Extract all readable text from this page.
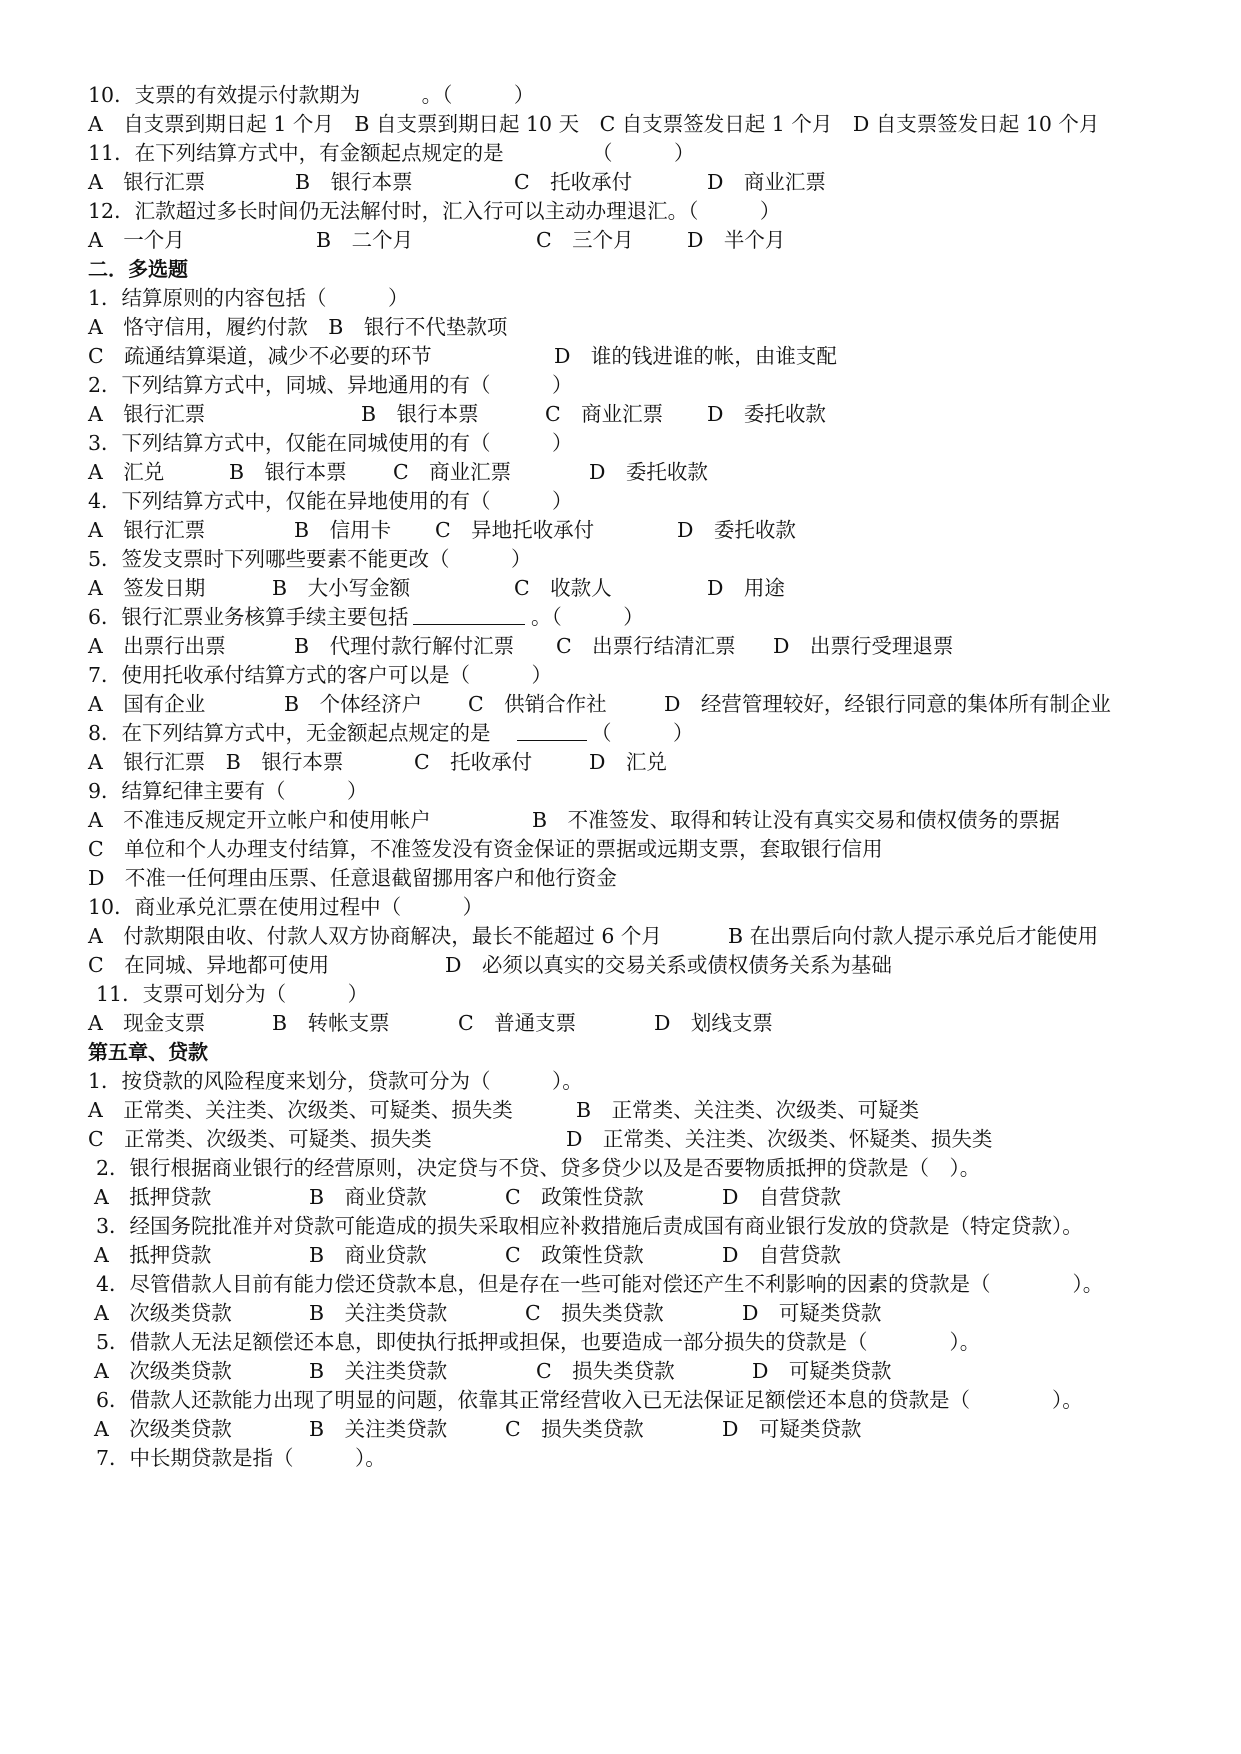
10．支票的有效提示付款期为　　　。（　　　）
A　自支票到期日起 1 个月　B 自支票到期日起 10 天　C 自支票签发日起 1 个月　D 自支票签发日起 10 个月
11．在下列结算方式中，有金额起点规定的是	（　　　）
A　银行汇票	B　银行本票	C　托收承付	D　商业汇票
12．汇款超过多长时间仍无法解付时，汇入行可以主动办理退汇。（　　　）
A　一个月	B　二个月	C　三个月	D　半个月
二．多选题
1．结算原则的内容包括（　　　）
A　恪守信用，履约付款　B　银行不代垫款项
C　疏通结算渠道，减少不必要的环节	D　谁的钱进谁的帐，由谁支配
2．下列结算方式中，同城、异地通用的有（　　　）
A　银行汇票	B　银行本票	C　商业汇票 D　委托收款
3．下列结算方式中，仅能在同城使用的有（　　　）
A　汇兑	B　银行本票 C　商业汇票	D　委托收款
4．下列结算方式中，仅能在异地使用的有（　　　）
A　银行汇票	B　信用卡 C　异地托收承付	D　委托收款
5．签发支票时下列哪些要素不能更改（　　　）
A　签发日期	B　大小写金额	C　收款人	D　用途
6．银行汇票业务核算手续主要包括	。（　　　）
A　出票行出票	B　代理付款行解付汇票 C　出票行结清汇票 D　出票行受理退票
7．使用托收承付结算方式的客户可以是（　　　）
A　国有企业	B　个体经济户 C　供销合作社	D　经营管理较好，经银行同意的集体所有制企业
8．在下列结算方式中，无金额起点规定的是	（　　　）
A　银行汇票　B　银行本票	C　托收承付	D　汇兑
9．结算纪律主要有（　　　）
A　不准违反规定开立帐户和使用帐户	B　不准签发、取得和转让没有真实交易和债权债务的票据
C　单位和个人办理支付结算，不准签发没有资金保证的票据或远期支票，套取银行信用
D　不准一任何理由压票、任意退截留挪用客户和他行资金
10．商业承兑汇票在使用过程中（　　　）
A　付款期限由收、付款人双方协商解决，最长不能超过 6 个月	B 在出票后向付款人提示承兑后才能使用
C　在同城、异地都可使用	D　必须以真实的交易关系或债权债务关系为基础
11．支票可划分为（　　　）
A　现金支票	B　转帐支票	C　普通支票	D　划线支票
第五章、贷款
1．按贷款的风险程度来划分，贷款可分为（　　　）。
A　正常类、关注类、次级类、可疑类、损失类	B　正常类、关注类、次级类、可疑类
C　正常类、次级类、可疑类、损失类	D　正常类、关注类、次级类、怀疑类、损失类
2．银行根据商业银行的经营原则，决定贷与不贷、贷多贷少以及是否要物质抵押的贷款是（　）。
A　抵押贷款	B　商业贷款	C　政策性贷款	D　自营贷款
3．经国务院批准并对贷款可能造成的损失采取相应补救措施后责成国有商业银行发放的贷款是（特定贷款）。
A　抵押贷款	B　商业贷款	C　政策性贷款	D　自营贷款
4．尽管借款人目前有能力偿还贷款本息，但是存在一些可能对偿还产生不利影响的因素的贷款是（　　　　）。
A　次级类贷款	B　关注类贷款	C　损失类贷款	D　可疑类贷款
5．借款人无法足额偿还本息，即使执行抵押或担保，也要造成一部分损失的贷款是（　　　　）。
A　次级类贷款	B　关注类贷款	C　损失类贷款	D　可疑类贷款
6．借款人还款能力出现了明显的问题，依靠其正常经营收入已无法保证足额偿还本息的贷款是（　　　　）。
A　次级类贷款	B　关注类贷款	C　损失类贷款	D　可疑类贷款
7．中长期贷款是指（　　　）。
